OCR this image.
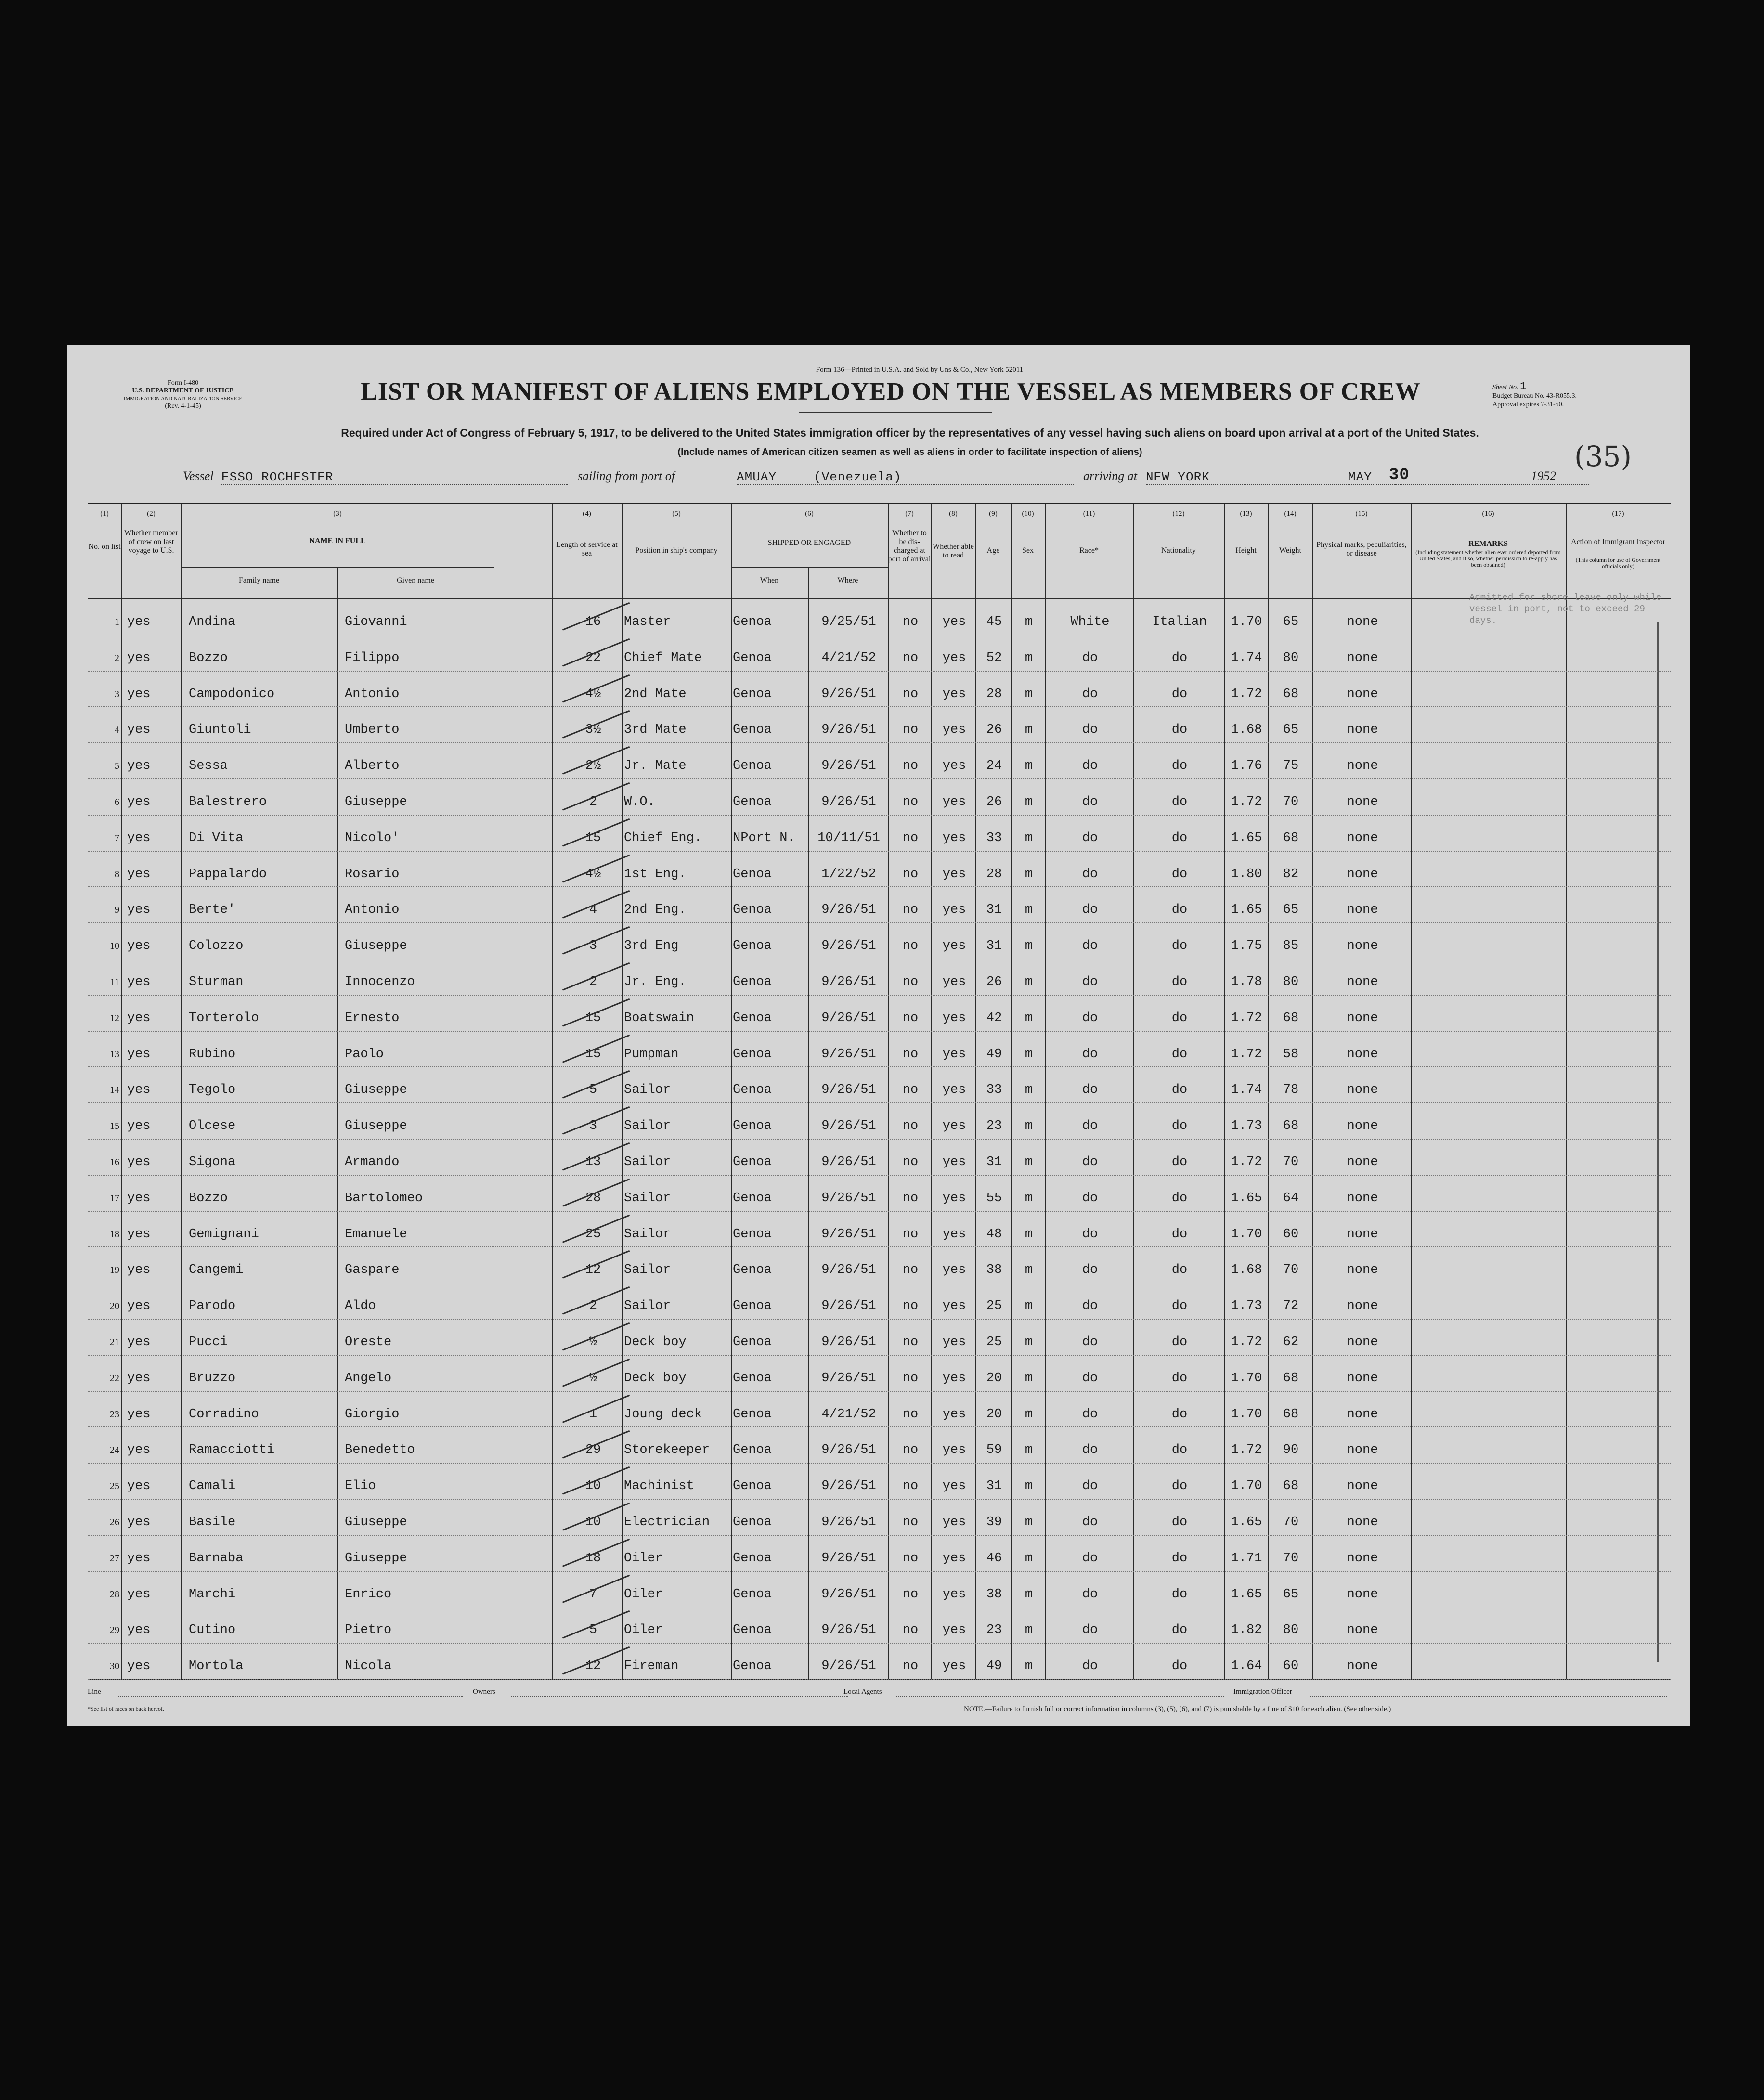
Form 136—Printed in U.S.A. and Sold by Uns & Co., New York 52011
Form I-480
U.S. DEPARTMENT OF JUSTICE
IMMIGRATION AND NATURALIZATION SERVICE
(Rev. 4-1-45)
LIST OR MANIFEST OF ALIENS EMPLOYED ON THE VESSEL AS MEMBERS OF CREW	Sheet No. 1
Budget Bureau No. 43-R055.3.
Approval expires 7-31-50.
Required under Act of Congress of February 5, 1917, to be delivered to the United States immigration officer by the representatives of any vessel having such aliens on board upon arrival at a port of the United States.
(Include names of American citizen seamen as well as aliens in order to facilitate inspection of aliens)	(35)
Vessel ESSO ROCHESTER	sailing from port of	AMUAY	(Venezuela)	arriving at NEW YORK	MAY 30	1952
(1)	(2)	(3)	(4)	(5)	(6)	(7)	(8)	(9)	(10)	(11)	(12)	(13)	(14)	(15)	(16)	(17)
No. on list
Whether member of crew on last voyage to U.S.
NAME IN FULL
Family name	Given name
Length of service at sea	Position in ship's company
SHIPPED OR ENGAGED
When	Where
Whether to be dis-charged at port of arrival
Whether able to read
Age	Sex	Race*	Nationality	Height	Weight
Physical marks, peculiarities, or disease
REMARKS
(Including statement whether alien ever ordered deported from United States, and if so, whether permission to re-apply has been obtained)
Action of Immigrant Inspector
(This column for use of Government officials only)
Admitted for shore leave only while vessel in port, not to exceed 29 days.
1 yes	Andina	Giovanni	16	Master	Genoa	9/25/51	no	yes	45	m	White	Italian	1.70	65	none
2 yes	Bozzo	Filippo	22	Chief Mate	Genoa	4/21/52	no	yes	52	m	do	do	1.74	80	none
3 yes	Campodonico	Antonio	4½	2nd Mate	Genoa	9/26/51	no	yes	28	m	do	do	1.72	68	none
4 yes	Giuntoli	Umberto	3½	3rd Mate	Genoa	9/26/51	no	yes	26	m	do	do	1.68	65	none
5 yes	Sessa	Alberto	2½	Jr. Mate	Genoa	9/26/51	no	yes	24	m	do	do	1.76	75	none
6 yes	Balestrero	Giuseppe	2	W.O.	Genoa	9/26/51	no	yes	26	m	do	do	1.72	70	none
7 yes	Di Vita	Nicolo'	15	Chief Eng.	NPort N.	10/11/51	no	yes	33	m	do	do	1.65	68	none
8 yes	Pappalardo	Rosario	4½	1st Eng.	Genoa	1/22/52	no	yes	28	m	do	do	1.80	82	none
9 yes	Berte'	Antonio	4	2nd Eng.	Genoa	9/26/51	no	yes	31	m	do	do	1.65	65	none
10 yes	Colozzo	Giuseppe	3	3rd Eng	Genoa	9/26/51	no	yes	31	m	do	do	1.75	85	none
11 yes	Sturman	Innocenzo	2	Jr. Eng.	Genoa	9/26/51	no	yes	26	m	do	do	1.78	80	none
12 yes	Torterolo	Ernesto	15	Boatswain	Genoa	9/26/51	no	yes	42	m	do	do	1.72	68	none
13 yes	Rubino	Paolo	15	Pumpman	Genoa	9/26/51	no	yes	49	m	do	do	1.72	58	none
14 yes	Tegolo	Giuseppe	5	Sailor	Genoa	9/26/51	no	yes	33	m	do	do	1.74	78	none
15 yes	Olcese	Giuseppe	3	Sailor	Genoa	9/26/51	no	yes	23	m	do	do	1.73	68	none
16 yes	Sigona	Armando	13	Sailor	Genoa	9/26/51	no	yes	31	m	do	do	1.72	70	none
17 yes	Bozzo	Bartolomeo	28	Sailor	Genoa	9/26/51	no	yes	55	m	do	do	1.65	64	none
18 yes	Gemignani	Emanuele	25	Sailor	Genoa	9/26/51	no	yes	48	m	do	do	1.70	60	none
19 yes	Cangemi	Gaspare	12	Sailor	Genoa	9/26/51	no	yes	38	m	do	do	1.68	70	none
20 yes	Parodo	Aldo	2	Sailor	Genoa	9/26/51	no	yes	25	m	do	do	1.73	72	none
21 yes	Pucci	Oreste	½	Deck boy	Genoa	9/26/51	no	yes	25	m	do	do	1.72	62	none
22 yes	Bruzzo	Angelo	½	Deck boy	Genoa	9/26/51	no	yes	20	m	do	do	1.70	68	none
23 yes	Corradino	Giorgio	1	Joung deck	Genoa	4/21/52	no	yes	20	m	do	do	1.70	68	none
24 yes	Ramacciotti	Benedetto	29	Storekeeper	Genoa	9/26/51	no	yes	59	m	do	do	1.72	90	none
25 yes	Camali	Elio	10	Machinist	Genoa	9/26/51	no	yes	31	m	do	do	1.70	68	none
26 yes	Basile	Giuseppe	10	Electrician	Genoa	9/26/51	no	yes	39	m	do	do	1.65	70	none
27 yes	Barnaba	Giuseppe	18	Oiler	Genoa	9/26/51	no	yes	46	m	do	do	1.71	70	none
28 yes	Marchi	Enrico	7	Oiler	Genoa	9/26/51	no	yes	38	m	do	do	1.65	65	none
29 yes	Cutino	Pietro	5	Oiler	Genoa	9/26/51	no	yes	23	m	do	do	1.82	80	none
30 yes	Mortola	Nicola	12	Fireman	Genoa	9/26/51	no	yes	49	m	do	do	1.64	60	none
Line	Owners	Local Agents	Immigration Officer
*See list of races on back hereof.	NOTE.—Failure to furnish full or correct information in columns (3), (5), (6), and (7) is punishable by a fine of $10 for each alien. (See other side.)
